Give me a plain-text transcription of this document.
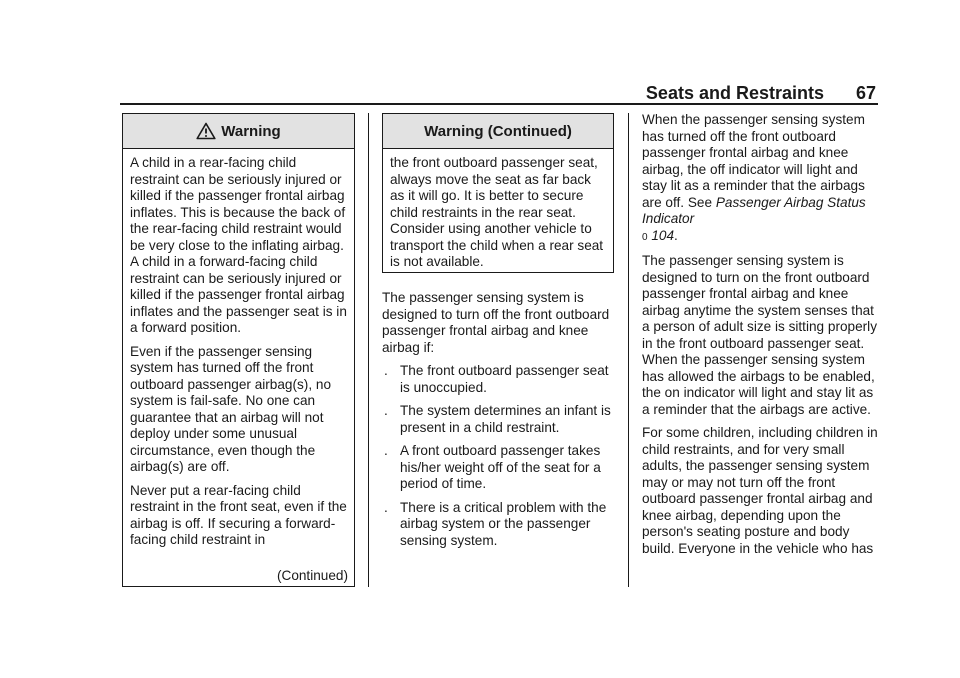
Seats and Restraints 67
Warning

A child in a rear-facing child restraint can be seriously injured or killed if the passenger frontal airbag inflates. This is because the back of the rear-facing child restraint would be very close to the inflating airbag. A child in a forward-facing child restraint can be seriously injured or killed if the passenger frontal airbag inflates and the passenger seat is in a forward position.

Even if the passenger sensing system has turned off the front outboard passenger airbag(s), no system is fail-safe. No one can guarantee that an airbag will not deploy under some unusual circumstance, even though the airbag(s) are off.

Never put a rear-facing child restraint in the front seat, even if the airbag is off. If securing a forward-facing child restraint in

(Continued)
Warning (Continued)

the front outboard passenger seat, always move the seat as far back as it will go. It is better to secure child restraints in the rear seat. Consider using another vehicle to transport the child when a rear seat is not available.

The passenger sensing system is designed to turn off the front outboard passenger frontal airbag and knee airbag if:

. The front outboard passenger seat is unoccupied.
. The system determines an infant is present in a child restraint.
. A front outboard passenger takes his/her weight off of the seat for a period of time.
. There is a critical problem with the airbag system or the passenger sensing system.

When the passenger sensing system has turned off the front outboard passenger frontal airbag and knee airbag, the off indicator will light and stay lit as a reminder that the airbags are off. See Passenger Airbag Status Indicator
0 104.

The passenger sensing system is designed to turn on the front outboard passenger frontal airbag and knee airbag anytime the system senses that a person of adult size is sitting properly in the front outboard passenger seat. When the passenger sensing system has allowed the airbags to be enabled, the on indicator will light and stay lit as a reminder that the airbags are active.

For some children, including children in child restraints, and for very small adults, the passenger sensing system may or may not turn off the front outboard passenger frontal airbag and knee airbag, depending upon the person's seating posture and body build. Everyone in the vehicle who has
